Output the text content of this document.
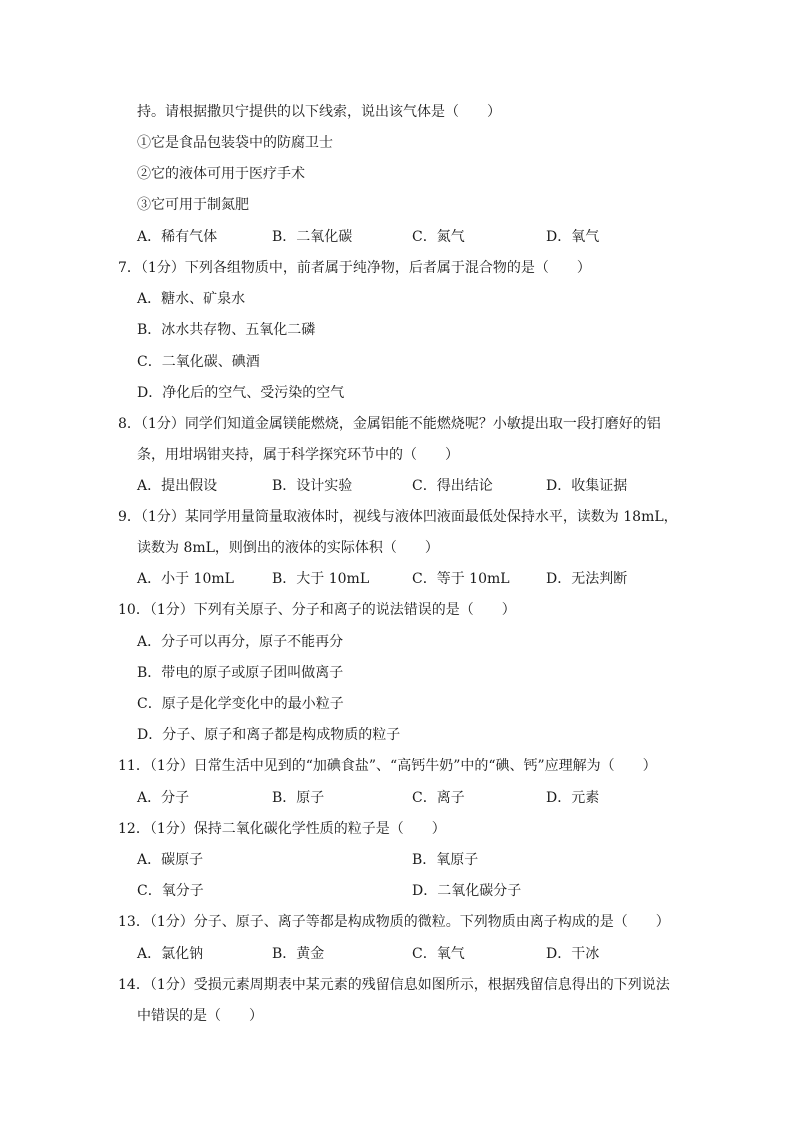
持。请根据撒贝宁提供的以下线索，说出该气体是（　　）
①它是食品包装袋中的防腐卫士
②它的液体可用于医疗手术
③它可用于制氮肥
A．稀有气体	B．二氧化碳	C．氮气	D．氧气
7．（1分）下列各组物质中，前者属于纯净物，后者属于混合物的是（　　）
A．糖水、矿泉水
B．冰水共存物、五氧化二磷
C．二氧化碳、碘酒
D．净化后的空气、受污染的空气
8．（1分）同学们知道金属镁能燃烧，金属铝能不能燃烧呢？小敏提出取一段打磨好的铝
条，用坩埚钳夹持，属于科学探究环节中的（　　）
A．提出假设	B．设计实验	C．得出结论	D．收集证据
9．（1分）某同学用量筒量取液体时，视线与液体凹液面最低处保持水平，读数为 18mL，
读数为 8mL，则倒出的液体的实际体积（　　）
A．小于 10mL	B．大于 10mL	C．等于 10mL	D．无法判断
10．（1分）下列有关原子、分子和离子的说法错误的是（　　）
A．分子可以再分，原子不能再分
B．带电的原子或原子团叫做离子
C．原子是化学变化中的最小粒子
D．分子、原子和离子都是构成物质的粒子
11．（1分）日常生活中见到的“加碘食盐”、“高钙牛奶”中的“碘、钙”应理解为（　　）
A．分子	B．原子	C．离子	D．元素
12．（1分）保持二氧化碳化学性质的粒子是（　　）
A．碳原子	B．氧原子
C．氧分子	D．二氧化碳分子
13．（1分）分子、原子、离子等都是构成物质的微粒。下列物质由离子构成的是（　　）
A．氯化钠	B．黄金	C．氧气	D．干冰
14．（1分）受损元素周期表中某元素的残留信息如图所示，根据残留信息得出的下列说法
中错误的是（　　）
